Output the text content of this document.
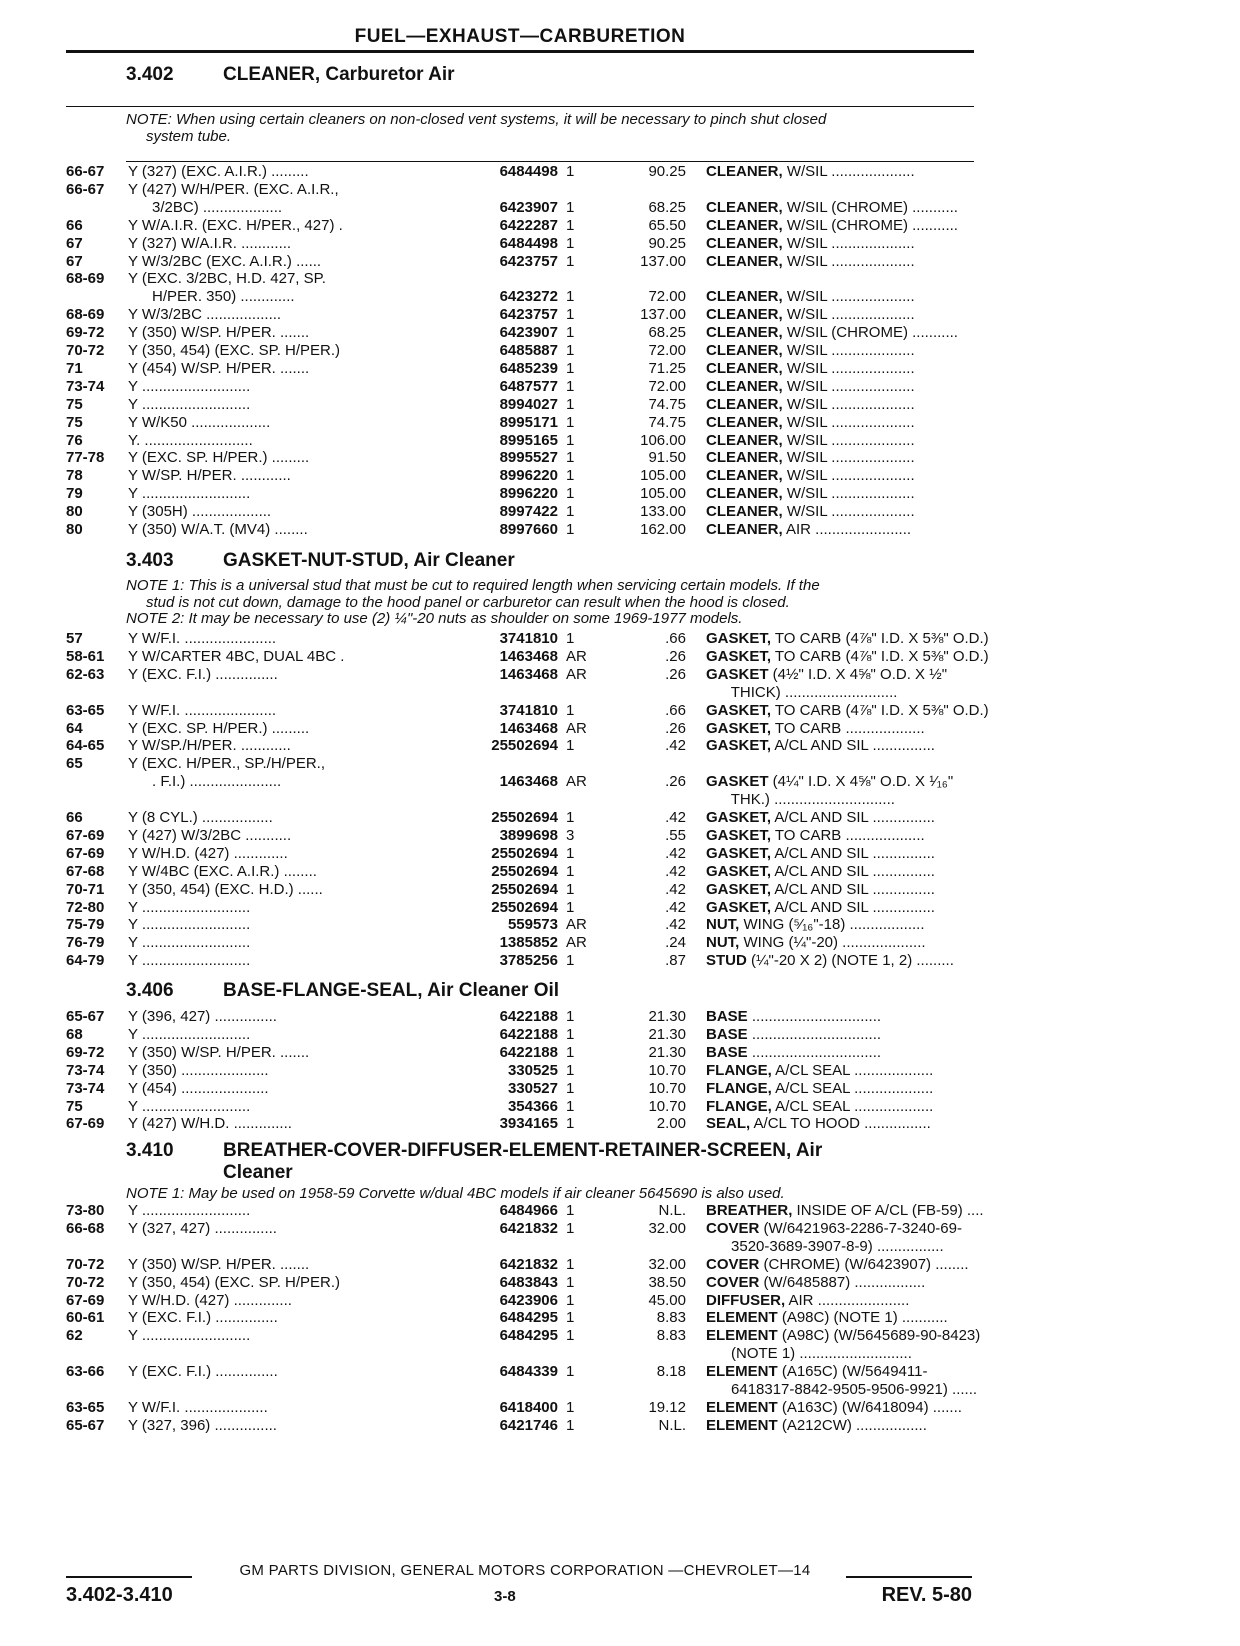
FUEL—EXHAUST—CARBURETION
3.402	CLEANER, Carburetor Air
NOTE: When using certain cleaners on non-closed vent systems, it will be necessary to pinch shut closed
system tube.
66-67	Y (327) (EXC. A.I.R.) .........	6484498 1	90.25 CLEANER, W/SIL ....................
66-67	Y (427) W/H/PER. (EXC. A.I.R.,
3/2BC) ...................	6423907 1	68.25 CLEANER, W/SIL (CHROME) ...........
66	Y W/A.I.R. (EXC. H/PER., 427) .	6422287 1	65.50 CLEANER, W/SIL (CHROME) ...........
67	Y (327) W/A.I.R. ............	6484498 1	90.25 CLEANER, W/SIL ....................
67	Y W/3/2BC (EXC. A.I.R.) ......	6423757 1	137.00 CLEANER, W/SIL ....................
68-69	Y (EXC. 3/2BC, H.D. 427, SP.
H/PER. 350) .............	6423272 1	72.00 CLEANER, W/SIL ....................
68-69	Y W/3/2BC ..................	6423757 1	137.00 CLEANER, W/SIL ....................
69-72	Y (350) W/SP. H/PER. .......	6423907 1	68.25 CLEANER, W/SIL (CHROME) ...........
70-72	Y (350, 454) (EXC. SP. H/PER.)	6485887 1	72.00 CLEANER, W/SIL ....................
71	Y (454) W/SP. H/PER. .......	6485239 1	71.25 CLEANER, W/SIL ....................
73-74	Y ..........................	6487577 1	72.00 CLEANER, W/SIL ....................
75	Y ..........................	8994027 1	74.75 CLEANER, W/SIL ....................
75	Y W/K50 ...................	8995171 1	74.75 CLEANER, W/SIL ....................
76	Y. ..........................	8995165 1	106.00 CLEANER, W/SIL ....................
77-78	Y (EXC. SP. H/PER.) .........	8995527 1	91.50 CLEANER, W/SIL ....................
78	Y W/SP. H/PER. ............	8996220 1	105.00 CLEANER, W/SIL ....................
79	Y ..........................	8996220 1	105.00 CLEANER, W/SIL ....................
80	Y (305H) ...................	8997422 1	133.00 CLEANER, W/SIL ....................
80	Y (350) W/A.T. (MV4) ........	8997660 1	162.00 CLEANER, AIR .......................
3.403	GASKET-NUT-STUD, Air Cleaner
NOTE 1: This is a universal stud that must be cut to required length when servicing certain models. If the
stud is not cut down, damage to the hood panel or carburetor can result when the hood is closed.
NOTE 2: It may be necessary to use (2) ¼"-20 nuts as shoulder on some 1969-1977 models.
57	Y W/F.I. ......................	3741810 1	.66 GASKET, TO CARB (4⅞" I.D. X 5⅜" O.D.)
58-61	Y W/CARTER 4BC, DUAL 4BC .	1463468 AR	.26 GASKET, TO CARB (4⅞" I.D. X 5⅜" O.D.)
62-63	Y (EXC. F.I.) ...............	1463468 AR	.26 GASKET (4½" I.D. X 4⅝" O.D. X ½"
THICK) ...........................
63-65	Y W/F.I. ......................	3741810 1	.66 GASKET, TO CARB (4⅞" I.D. X 5⅜" O.D.)
64	Y (EXC. SP. H/PER.) .........	1463468 AR	.26 GASKET, TO CARB ...................
64-65	Y W/SP./H/PER. ............	25502694 1	.42 GASKET, A/CL AND SIL ...............
65	Y (EXC. H/PER., SP./H/PER.,
. F.I.) ......................	1463468 AR	.26 GASKET (4¼" I.D. X 4⅝" O.D. X ¹⁄₁₆"
THK.) .............................
66	Y (8 CYL.) .................	25502694 1	.42 GASKET, A/CL AND SIL ...............
67-69	Y (427) W/3/2BC ...........	3899698 3	.55 GASKET, TO CARB ...................
67-69	Y W/H.D. (427) .............	25502694 1	.42 GASKET, A/CL AND SIL ...............
67-68	Y W/4BC (EXC. A.I.R.) ........	25502694 1	.42 GASKET, A/CL AND SIL ...............
70-71	Y (350, 454) (EXC. H.D.) ......	25502694 1	.42 GASKET, A/CL AND SIL ...............
72-80	Y ..........................	25502694 1	.42 GASKET, A/CL AND SIL ...............
75-79	Y ..........................	559573 AR	.42 NUT, WING (⁵⁄₁₆"-18) ..................
76-79	Y ..........................	1385852 AR	.24 NUT, WING (¼"-20) ....................
64-79	Y ..........................	3785256 1	.87 STUD (¼"-20 X 2) (NOTE 1, 2) .........
3.406	BASE-FLANGE-SEAL, Air Cleaner Oil
65-67	Y (396, 427) ...............	6422188 1	21.30 BASE ...............................
68	Y ..........................	6422188 1	21.30 BASE ...............................
69-72	Y (350) W/SP. H/PER. .......	6422188 1	21.30 BASE ...............................
73-74	Y (350) .....................	330525 1	10.70 FLANGE, A/CL SEAL ...................
73-74	Y (454) .....................	330527 1	10.70 FLANGE, A/CL SEAL ...................
75	Y ..........................	354366 1	10.70 FLANGE, A/CL SEAL ...................
67-69	Y (427) W/H.D. ..............	3934165 1	2.00 SEAL, A/CL TO HOOD ................
3.410	BREATHER-COVER-DIFFUSER-ELEMENT-RETAINER-SCREEN, Air
Cleaner
NOTE 1: May be used on 1958-59 Corvette w/dual 4BC models if air cleaner 5645690 is also used.
73-80	Y ..........................	6484966 1	N.L. BREATHER, INSIDE OF A/CL (FB-59) ....
66-68	Y (327, 427) ...............	6421832 1	32.00 COVER (W/6421963-2286-7-3240-69-
3520-3689-3907-8-9) ................
70-72	Y (350) W/SP. H/PER. .......	6421832 1	32.00 COVER (CHROME) (W/6423907) ........
70-72	Y (350, 454) (EXC. SP. H/PER.)	6483843 1	38.50 COVER (W/6485887) .................
67-69	Y W/H.D. (427) ..............	6423906 1	45.00 DIFFUSER, AIR ......................
60-61	Y (EXC. F.I.) ...............	6484295 1	8.83 ELEMENT (A98C) (NOTE 1) ...........
62	Y ..........................	6484295 1	8.83 ELEMENT (A98C) (W/5645689-90-8423)
(NOTE 1) ...........................
63-66	Y (EXC. F.I.) ...............	6484339 1	8.18 ELEMENT (A165C) (W/5649411-
6418317-8842-9505-9506-9921) ......
63-65	Y W/F.I. ....................	6418400 1	19.12 ELEMENT (A163C) (W/6418094) .......
65-67	Y (327, 396) ...............	6421746 1	N.L. ELEMENT (A212CW) .................
GM PARTS DIVISION, GENERAL MOTORS CORPORATION —CHEVROLET—14
3.402-3.410	3-8	REV. 5-80
